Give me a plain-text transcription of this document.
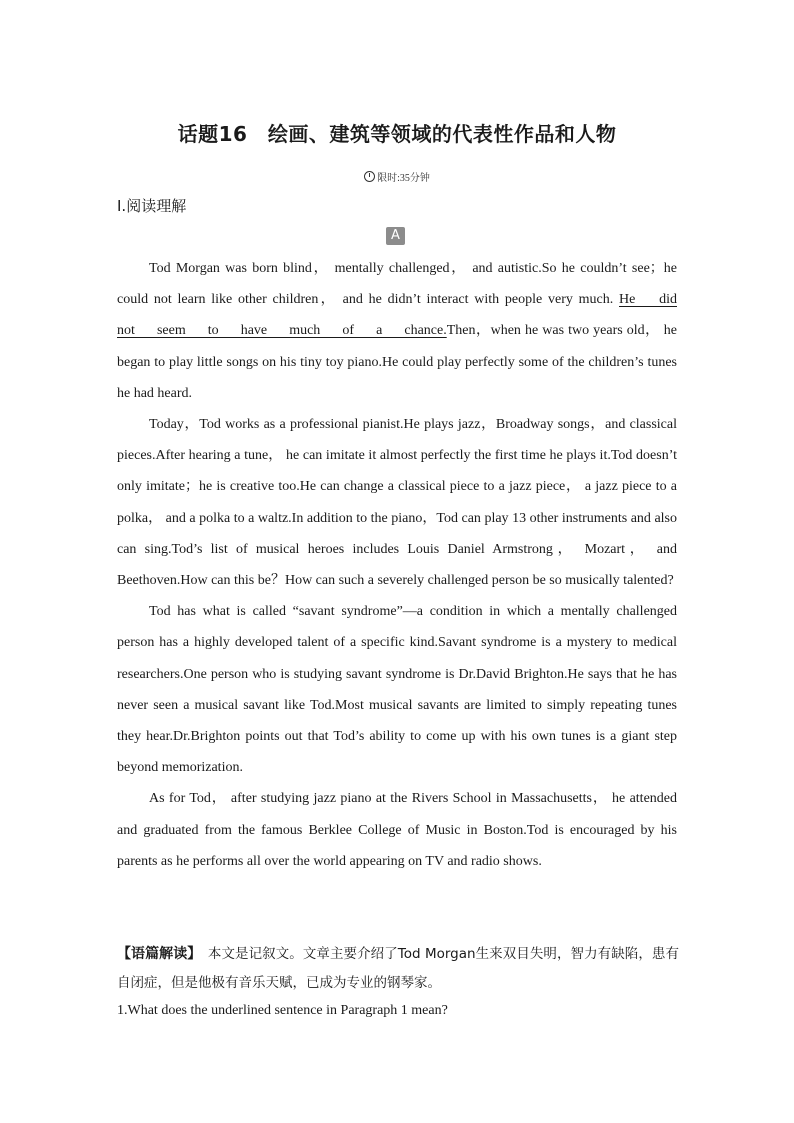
话题16　绘画、建筑等领域的代表性作品和人物
限时:35分钟
Ⅰ.阅读理解
A

Tod Morgan was born blind， mentally challenged， and autistic.So he couldn’t see；he could not learn like other children， and he didn’t interact with people very much. He did not seem to have much of a chance.Then，when he was two years old， he began to play little songs on his tiny toy piano.He could play perfectly some of the children’s tunes he had heard.

Today，Tod works as a professional pianist.He plays jazz，Broadway songs，and classical pieces.After hearing a tune， he can imitate it almost perfectly the first time he plays it.Tod doesn’t only imitate；he is creative too.He can change a classical piece to a jazz piece， a jazz piece to a polka， and a polka to a waltz.In addition to the piano，Tod can play 13 other instruments and also can sing.Tod’s list of musical heroes includes Louis Daniel Armstrong， Mozart， and Beethoven.How can this be？How can such a severely challenged person be so musically talented?

Tod has what is called “savant syndrome”—a condition in which a mentally challenged person has a highly developed talent of a specific kind.Savant syndrome is a mystery to medical researchers.One person who is studying savant syndrome is Dr.David Brighton.He says that he has never seen a musical savant like Tod.Most musical savants are limited to simply repeating tunes they hear.Dr.Brighton points out that Tod’s ability to come up with his own tunes is a giant step beyond memorization.

As for Tod， after studying jazz piano at the Rivers School in Massachusetts， he attended and graduated from the famous Berklee College of Music in Boston.Tod is encouraged by his parents as he performs all over the world appearing on TV and radio shows.

【语篇解读】　本文是记叙文。文章主要介绍了Tod Morgan生来双目失明，智力有缺陷，患有自闭症，但是他极有音乐天赋，已成为专业的钢琴家。
1.What does the underlined sentence in Paragraph 1 mean?
